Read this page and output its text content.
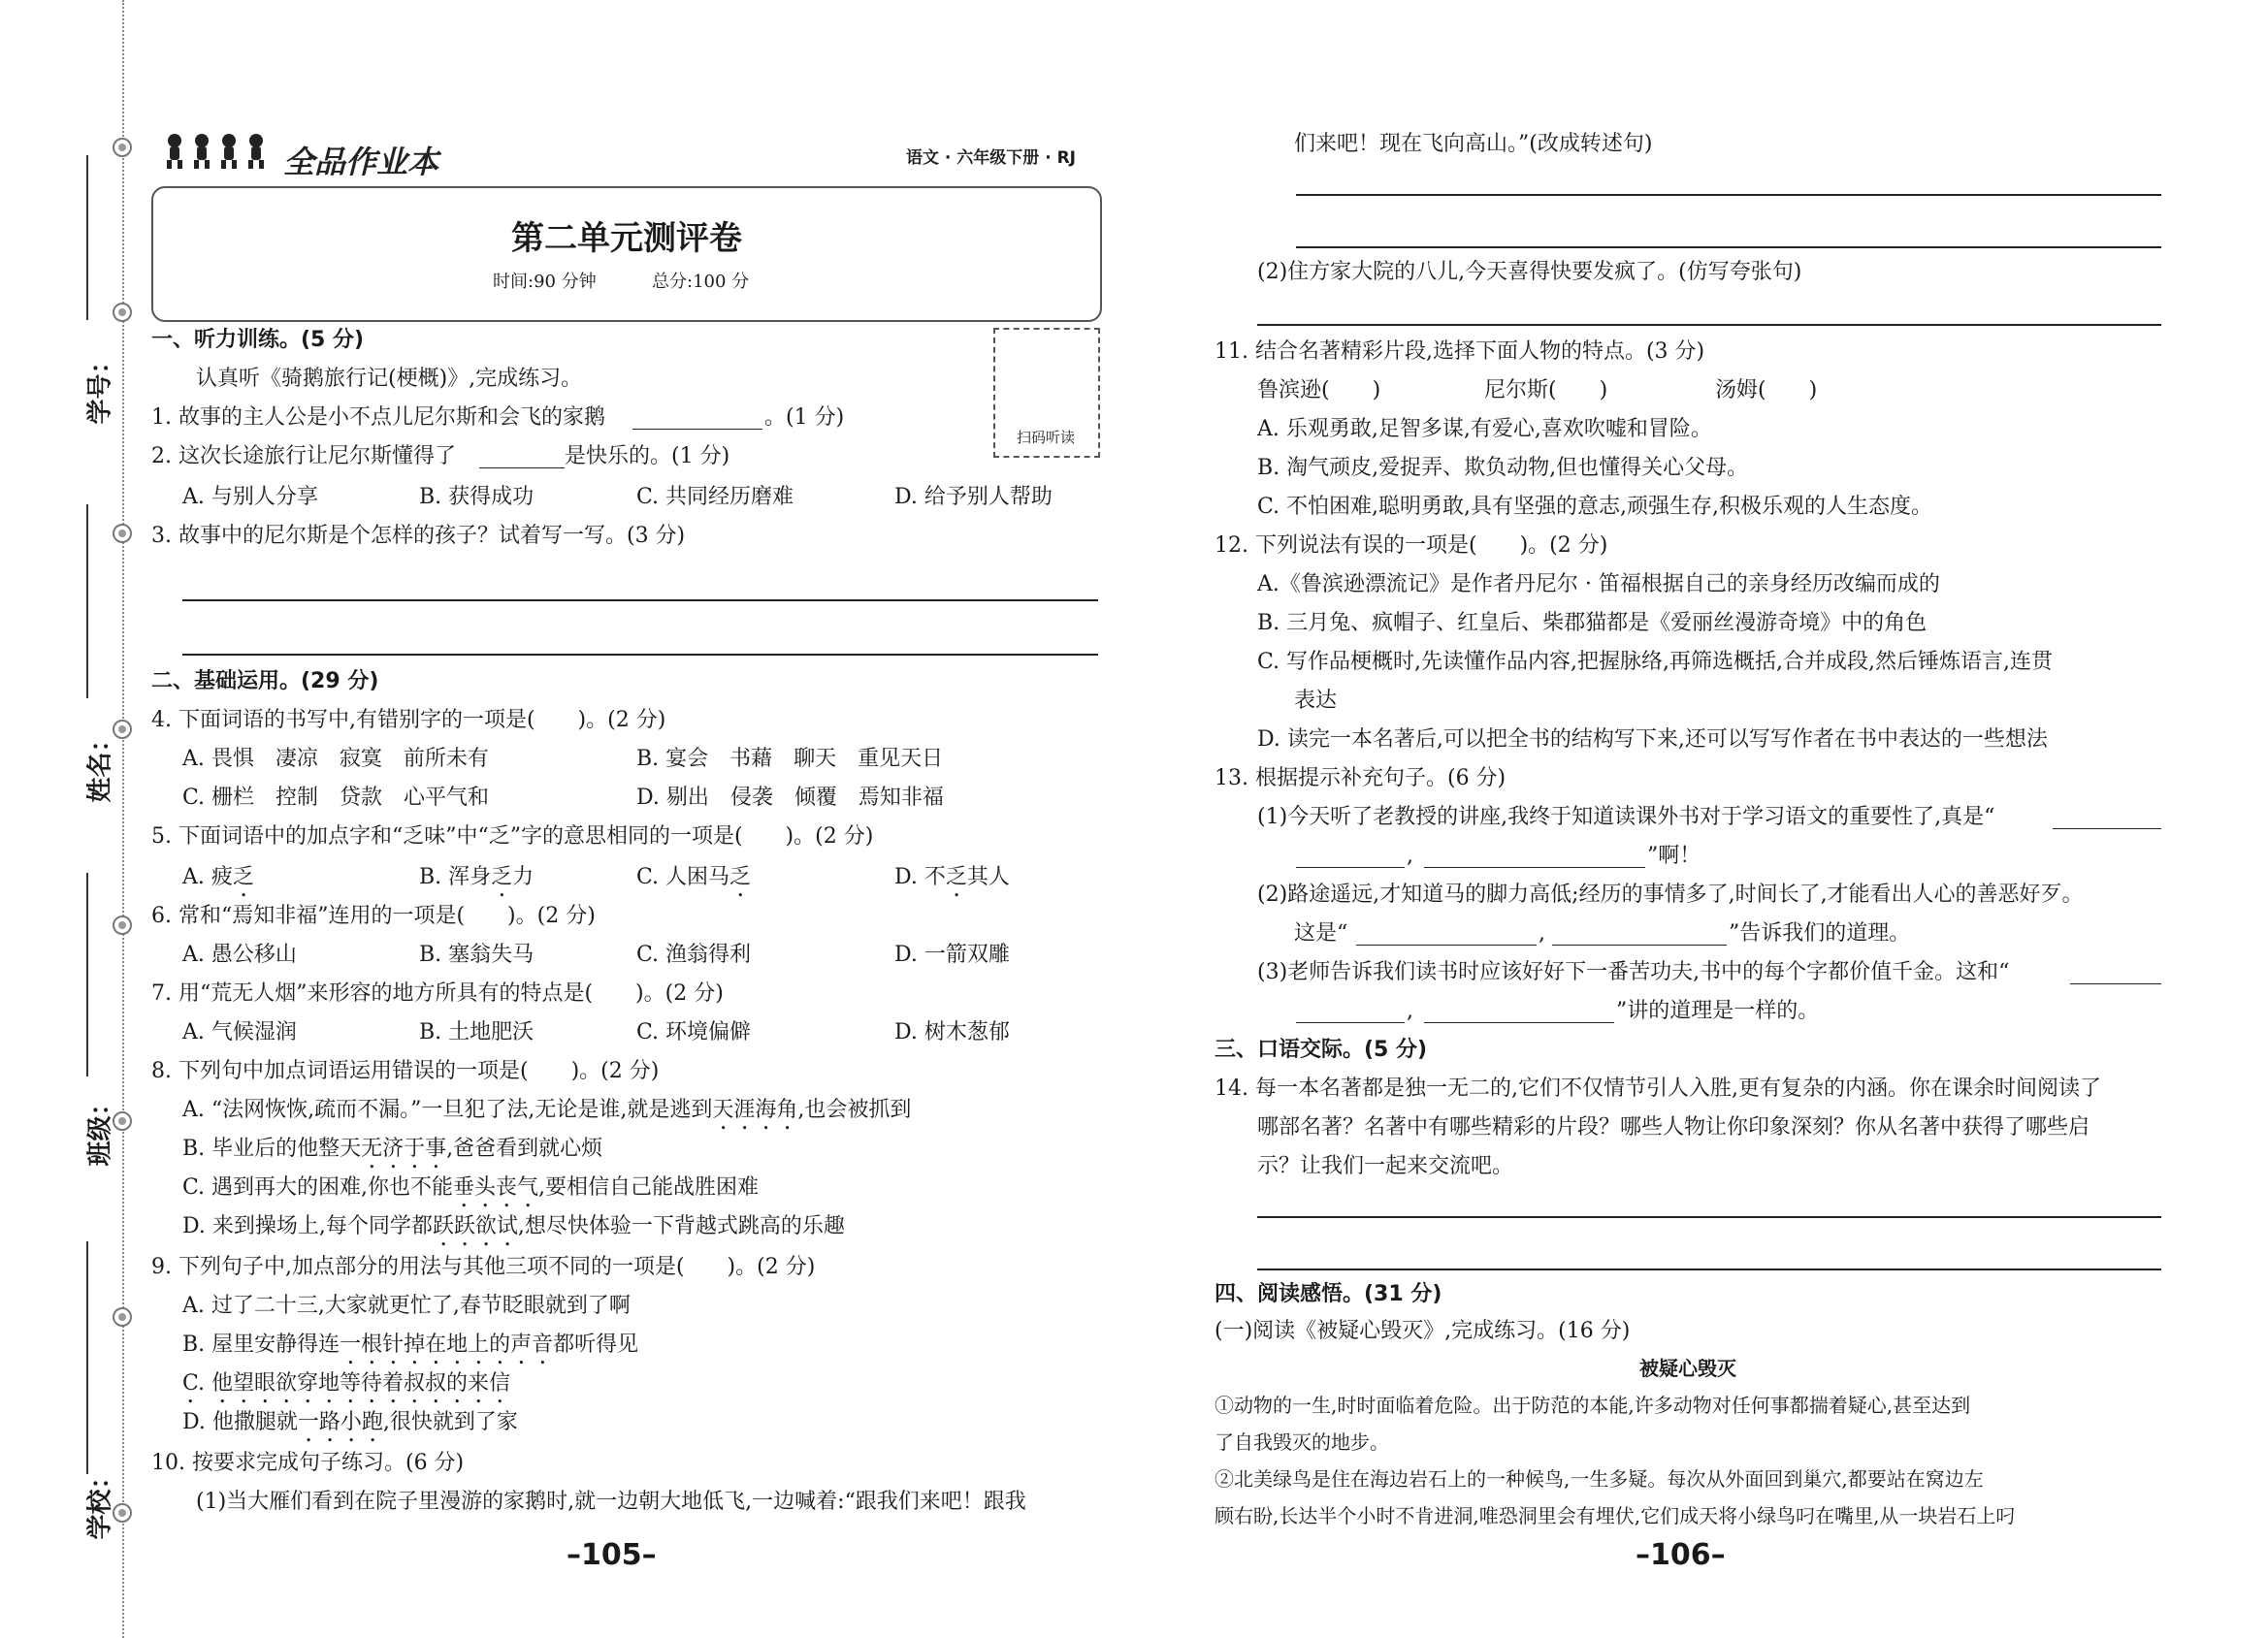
学号：
姓名：
班级：
学校：
全品作业本	语文 · 六年级下册 · RJ
第二单元测评卷
时间:90 分钟	总分:100 分
扫码听读
一、听力训练。(5 分)
认真听《骑鹅旅行记(梗概)》,完成练习。
1. 故事的主人公是小不点儿尼尔斯和会飞的家鹅	。(1 分)
2. 这次长途旅行让尼尔斯懂得了	是快乐的。(1 分)
A. 与别人分享	B. 获得成功	C. 共同经历磨难	D. 给予别人帮助
3. 故事中的尼尔斯是个怎样的孩子？试着写一写。(3 分)
二、基础运用。(29 分)
4. 下面词语的书写中,有错别字的一项是(　　)。(2 分)
A. 畏惧　凄凉　寂寞　前所未有	B. 宴会　书藉　聊天　重见天日
C. 栅栏　控制　贷款　心平气和	D. 剔出　侵袭　倾覆　焉知非福
5. 下面词语中的加点字和“乏味”中“乏”字的意思相同的一项是(　　)。(2 分)
A. 疲乏	B. 浑身乏力	C. 人困马乏	D. 不乏其人
6. 常和“焉知非福”连用的一项是(　　)。(2 分)
A. 愚公移山	B. 塞翁失马	C. 渔翁得利	D. 一箭双雕
7. 用“荒无人烟”来形容的地方所具有的特点是(　　)。(2 分)
A. 气候湿润	B. 土地肥沃	C. 环境偏僻	D. 树木葱郁
8. 下列句中加点词语运用错误的一项是(　　)。(2 分)
A. “法网恢恢,疏而不漏。”一旦犯了法,无论是谁,就是逃到天涯海角,也会被抓到
B. 毕业后的他整天无济于事,爸爸看到就心烦
C. 遇到再大的困难,你也不能垂头丧气,要相信自己能战胜困难
D. 来到操场上,每个同学都跃跃欲试,想尽快体验一下背越式跳高的乐趣
9. 下列句子中,加点部分的用法与其他三项不同的一项是(　　)。(2 分)
A. 过了二十三,大家就更忙了,春节眨眼就到了啊
B. 屋里安静得连一根针掉在地上的声音都听得见
C. 他望眼欲穿地等待着叔叔的来信
D. 他撒腿就一路小跑,很快就到了家
10. 按要求完成句子练习。(6 分)
(1)当大雁们看到在院子里漫游的家鹅时,就一边朝大地低飞,一边喊着:“跟我们来吧！跟我
–105–
们来吧！现在飞向高山。”(改成转述句)
(2)住方家大院的八儿,今天喜得快要发疯了。(仿写夸张句)
11. 结合名著精彩片段,选择下面人物的特点。(3 分)
鲁滨逊(　　)	尼尔斯(　　)	汤姆(　　)
A. 乐观勇敢,足智多谋,有爱心,喜欢吹嘘和冒险。
B. 淘气顽皮,爱捉弄、欺负动物,但也懂得关心父母。
C. 不怕困难,聪明勇敢,具有坚强的意志,顽强生存,积极乐观的人生态度。
12. 下列说法有误的一项是(　　)。(2 分)
A.《鲁滨逊漂流记》是作者丹尼尔 · 笛福根据自己的亲身经历改编而成的
B. 三月兔、疯帽子、红皇后、柴郡猫都是《爱丽丝漫游奇境》中的角色
C. 写作品梗概时,先读懂作品内容,把握脉络,再筛选概括,合并成段,然后锤炼语言,连贯
表达
D. 读完一本名著后,可以把全书的结构写下来,还可以写写作者在书中表达的一些想法
13. 根据提示补充句子。(6 分)
(1)今天听了老教授的讲座,我终于知道读课外书对于学习语文的重要性了,真是“
,	”啊！
(2)路途遥远,才知道马的脚力高低;经历的事情多了,时间长了,才能看出人心的善恶好歹。
这是“	,	”告诉我们的道理。
(3)老师告诉我们读书时应该好好下一番苦功夫,书中的每个字都价值千金。这和“
,	”讲的道理是一样的。
三、口语交际。(5 分)
14. 每一本名著都是独一无二的,它们不仅情节引人入胜,更有复杂的内涵。你在课余时间阅读了
哪部名著？名著中有哪些精彩的片段？哪些人物让你印象深刻？你从名著中获得了哪些启
示？让我们一起来交流吧。
四、阅读感悟。(31 分)
(一)阅读《被疑心毁灭》,完成练习。(16 分)
被疑心毁灭
①动物的一生,时时面临着危险。出于防范的本能,许多动物对任何事都揣着疑心,甚至达到
了自我毁灭的地步。
②北美绿鸟是住在海边岩石上的一种候鸟,一生多疑。每次从外面回到巢穴,都要站在窝边左
顾右盼,长达半个小时不肯进洞,唯恐洞里会有埋伏,它们成天将小绿鸟叼在嘴里,从一块岩石上叼
–106–
